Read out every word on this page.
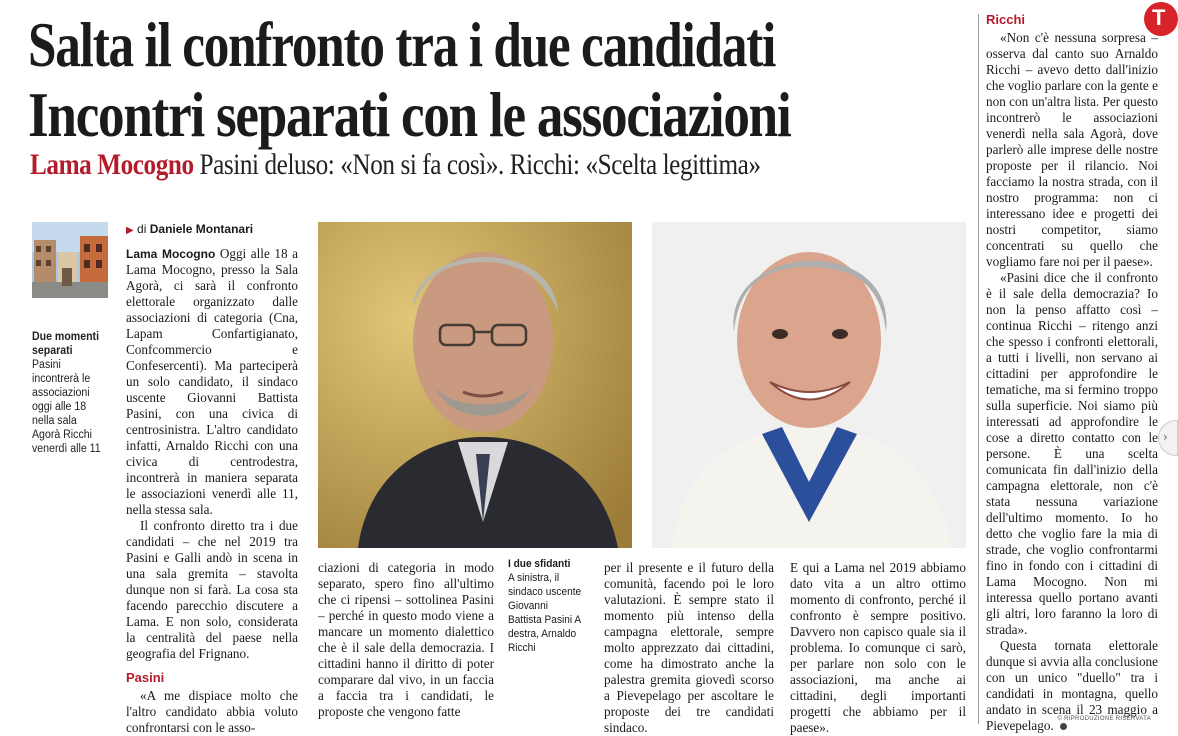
Salta il confronto tra i due candidati
Incontri separati con le associazioni
Lama Mocogno Pasini deluso: «Non si fa così». Ricchi: «Scelta legittima»
T
Due momenti separati
Pasini incontrerà le associazioni oggi alle 18 nella sala Agorà Ricchi venerdì alle 11
▶ di Daniele Montanari

Lama Mocogno Oggi alle 18 a Lama Mocogno, presso la Sala Agorà, ci sarà il confronto elettorale organizzato dalle associazioni di categoria (Cna, Lapam Confartigianato, Confcommercio e Confesercenti). Ma parteciperà un solo candidato, il sindaco uscente Giovanni Battista Pasini, con una civica di centrosinistra. L'altro candidato infatti, Arnaldo Ricchi con una civica di centrodestra, incontrerà in maniera separata le associazioni venerdì alle 11, nella stessa sala.

Il confronto diretto tra i due candidati – che nel 2019 tra Pasini e Galli andò in scena in una sala gremita – stavolta dunque non si farà. La cosa sta facendo parecchio discutere a Lama. E non solo, considerata la centralità del paese nella geografia del Frignano.

Pasini

«A me dispiace molto che l'altro candidato abbia voluto confrontarsi con le asso-

I due sfidanti
A sinistra, il sindaco uscente Giovanni Battista Pasini A destra, Arnaldo Ricchi

ciazioni di categoria in modo separato, spero fino all'ultimo che ci ripensi – sottolinea Pasini – perché in questo modo viene a mancare un momento dialettico che è il sale della democrazia. I cittadini hanno il diritto di poter comparare dal vivo, in un faccia a faccia tra i candidati, le proposte che vengono fatte

per il presente e il futuro della comunità, facendo poi le loro valutazioni. È sempre stato il momento più intenso della campagna elettorale, sempre molto apprezzato dai cittadini, come ha dimostrato anche la palestra gremita giovedì scorso a Pievepelago per ascoltare le proposte dei tre candidati sindaco.

E qui a Lama nel 2019 abbiamo dato vita a un altro ottimo momento di confronto, perché il confronto è sempre positivo. Davvero non capisco quale sia il problema. Io comunque ci sarò, per parlare non solo con le associazioni, ma anche ai cittadini, degli importanti progetti che abbiamo per il paese».

Ricchi

«Non c'è nessuna sorpresa – osserva dal canto suo Arnaldo Ricchi – avevo detto dall'inizio che voglio parlare con la gente e non con un'altra lista. Per questo incontrerò le associazioni venerdì nella sala Agorà, dove parlerò alle imprese delle nostre proposte per il rilancio. Noi facciamo la nostra strada, con il nostro programma: non ci interessano idee e progetti dei nostri competitor, siamo concentrati su quello che vogliamo fare noi per il paese».

«Pasini dice che il confronto è il sale della democrazia? Io non la penso affatto così – continua Ricchi – ritengo anzi che spesso i confronti elettorali, a tutti i livelli, non servano ai cittadini per approfondire le tematiche, ma si fermino troppo sulla superficie. Noi siamo più interessati ad approfondire le cose a diretto contatto con le persone. È una scelta comunicata fin dall'inizio della campagna elettorale, non c'è stata nessuna variazione dell'ultimo momento. Io ho detto che voglio fare la mia di strade, che voglio confrontarmi fino in fondo con i cittadini di Lama Mocogno. Non mi interessa quello portano avanti gli altri, loro faranno la loro di strada».

Questa tornata elettorale dunque si avvia alla conclusione con un unico "duello" tra i candidati in montagna, quello andato in scena il 23 maggio a Pievepelago. © RIPRODUZIONE RISERVATA
›
